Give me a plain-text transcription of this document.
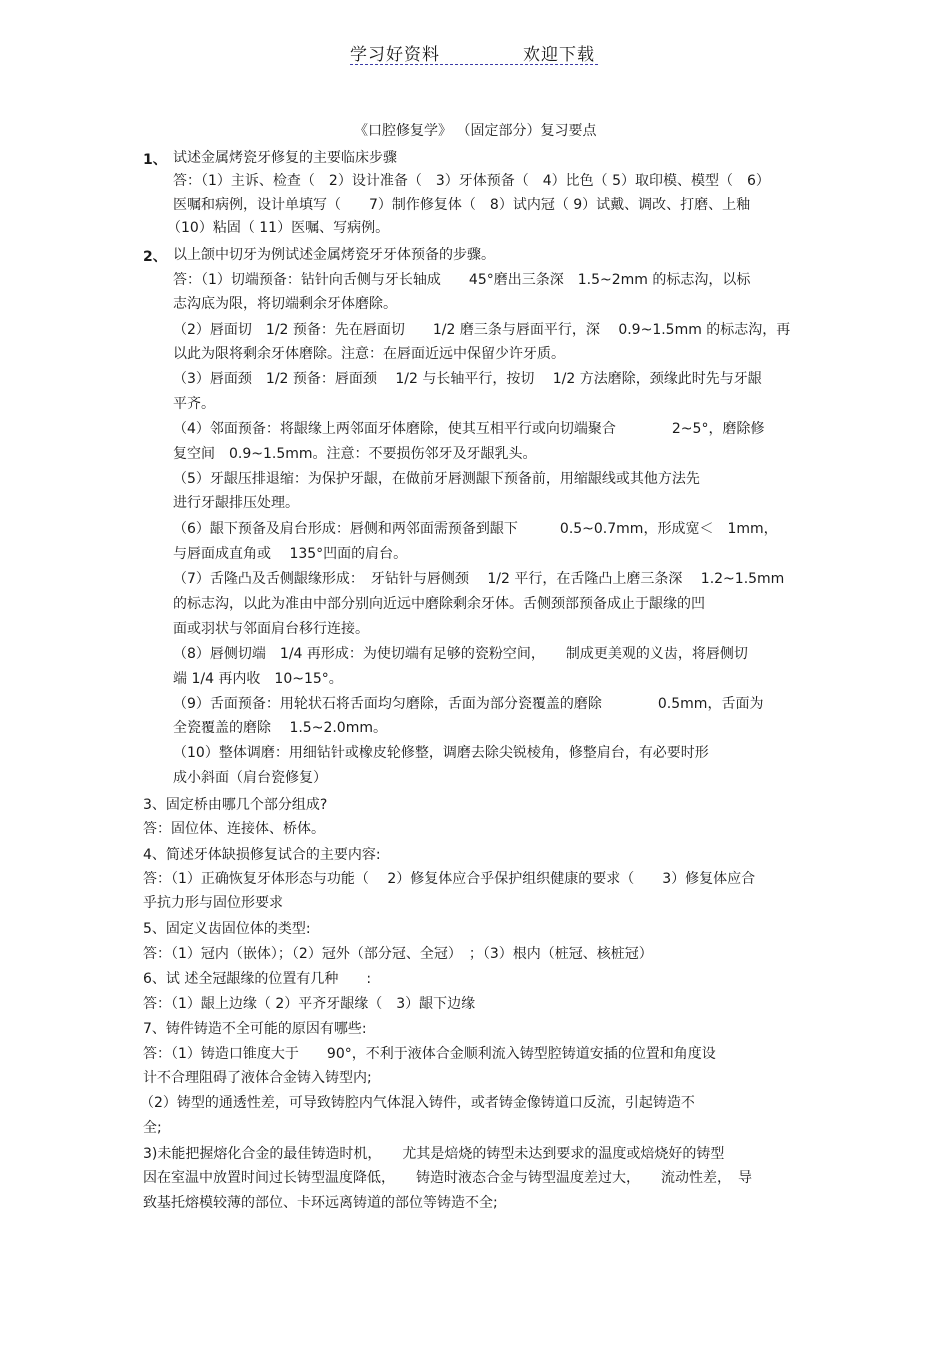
学习好资料	欢迎下载
《口腔修复学》 （固定部分）复习要点
1、
2、
试述金属烤瓷牙修复的主要临床步骤
答：（1）主诉、检查（　2）设计准备（　3）牙体预备（　4）比色（ 5）取印模、模型（　6）
医嘱和病例，设计单填写（　　7）制作修复体（　8）试内冠（ 9）试戴、调改、打磨、上釉
（10）粘固（ 11）医嘱、写病例。
以上颌中切牙为例试述金属烤瓷牙牙体预备的步骤。
答：（1）切端预备：钻针向舌侧与牙长轴成　　45°磨出三条深　1.5~2mm 的标志沟，以标
志沟底为限，将切端剩余牙体磨除。
（2）唇面切　1/2 预备：先在唇面切　　1/2 磨三条与唇面平行，深　 0.9~1.5mm 的标志沟，再
以此为限将剩余牙体磨除。注意：在唇面近远中保留少许牙质。
（3）唇面颈　1/2 预备：唇面颈　 1/2 与长轴平行，按切　 1/2 方法磨除，颈缘此时先与牙龈
平齐。
（4）邻面预备：将龈缘上两邻面牙体磨除，使其互相平行或向切端聚合　　　　2~5°，磨除修
复空间　0.9~1.5mm。注意：不要损伤邻牙及牙龈乳头。
（5）牙龈压排退缩：为保护牙龈，在做前牙唇测龈下预备前，用缩龈线或其他方法先
进行牙龈排压处理。
（6）龈下预备及肩台形成：唇侧和两邻面需预备到龈下　　　0.5~0.7mm，形成宽＜　1mm，
与唇面成直角或　 135°凹面的肩台。
（7）舌隆凸及舌侧龈缘形成：　牙钻针与唇侧颈　 1/2 平行，在舌隆凸上磨三条深　 1.2~1.5mm
的标志沟，以此为准由中部分别向近远中磨除剩余牙体。舌侧颈部预备成止于龈缘的凹
面或羽状与邻面肩台移行连接。
（8）唇侧切端　1/4 再形成：为使切端有足够的瓷粉空间，　　制成更美观的义齿，将唇侧切
端 1/4 再内收　10~15°。
（9）舌面预备：用轮状石将舌面均匀磨除，舌面为部分瓷覆盖的磨除　　　　0.5mm，舌面为
全瓷覆盖的磨除　 1.5~2.0mm。
（10）整体调磨：用细钻针或橡皮轮修整，调磨去除尖锐棱角，修整肩台，有必要时形
成小斜面（肩台瓷修复）
3、固定桥由哪几个部分组成?
答：固位体、连接体、桥体。
4、简述牙体缺损修复试合的主要内容:
答：（1）正确恢复牙体形态与功能（　 2）修复体应合乎保护组织健康的要求（　　3）修复体应合
乎抗力形与固位形要求
5、固定义齿固位体的类型:
答：（1）冠内（嵌体）；（2）冠外（部分冠、全冠）　；（3）根内（桩冠、核桩冠）
6、试 述全冠龈缘的位置有几种　　:
答：（1）龈上边缘（ 2）平齐牙龈缘（　3）龈下边缘
7、铸件铸造不全可能的原因有哪些:
答：（1）铸造口锥度大于　　90°，不利于液体合金顺利流入铸型腔铸道安插的位置和角度设
计不合理阻碍了液体合金铸入铸型内;
（2）铸型的通透性差，可导致铸腔内气体混入铸件，或者铸金像铸道口反流，引起铸造不
全;
3)未能把握熔化合金的最佳铸造时机，　　尤其是焙烧的铸型未达到要求的温度或焙烧好的铸型
因在室温中放置时间过长铸型温度降低，　　铸造时液态合金与铸型温度差过大，　　流动性差，　导
致基托熔模较薄的部位、卡环远离铸道的部位等铸造不全;
